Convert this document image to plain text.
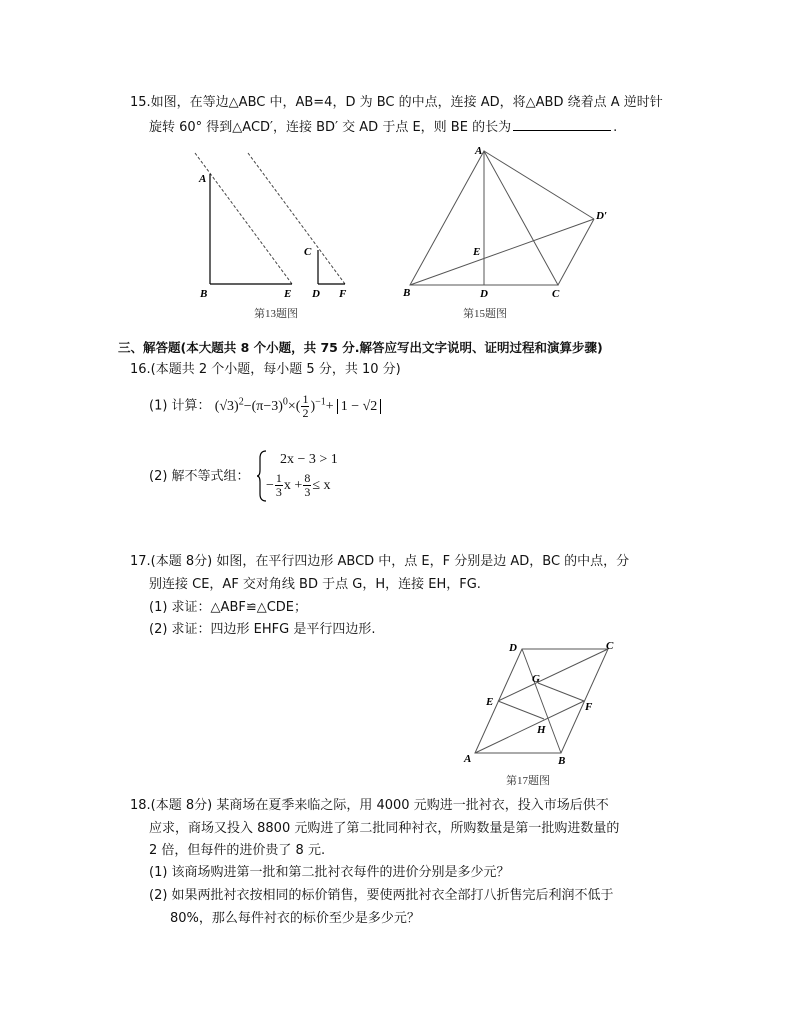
15.如图，在等边△ABC 中，AB=4，D 为 BC 的中点，连接 AD，将△ABD 绕着点 A 逆时针
旋转 60° 得到△ACD′，连接 BD′ 交 AD 于点 E，则 BE 的长为	.
A
B	E
C
D F
第13题图
A
B	C
D
E
D′
第15题图
三、解答题(本大题共 8 个小题，共 75 分.解答应写出文字说明、证明过程和演算步骤)
16.(本题共 2 个小题，每小题 5 分，共 10 分)
(1) 计算： $(√3)^2-(\pi-3)^0\times( \frac{1}{2} )^{-1}+ 1 - √2$
(2) 解不等式组：
2x − 3 > 1
− $\frac{1}{3}$ $x + \frac{8}{3} \le x$
17.(本题 8分) 如图，在平行四边形 ABCD 中，点 E，F 分别是边 AD，BC 的中点，分
别连接 CE，AF 交对角线 BD 于点 G，H，连接 EH，FG.
(1) 求证：△ABF≌△CDE；
(2) 求证：四边形 EHFG 是平行四边形.
A	B
C
D
E	F
G
H
第17题图
18.(本题 8分) 某商场在夏季来临之际，用 4000 元购进一批衬衣，投入市场后供不
应求，商场又投入 8800 元购进了第二批同种衬衣，所购数量是第一批购进数量的
2 倍，但每件的进价贵了 8 元.
(1) 该商场购进第一批和第二批衬衣每件的进价分别是多少元？
(2) 如果两批衬衣按相同的标价销售，要使两批衬衣全部打八折售完后利润不低于
80%，那么每件衬衣的标价至少是多少元？
